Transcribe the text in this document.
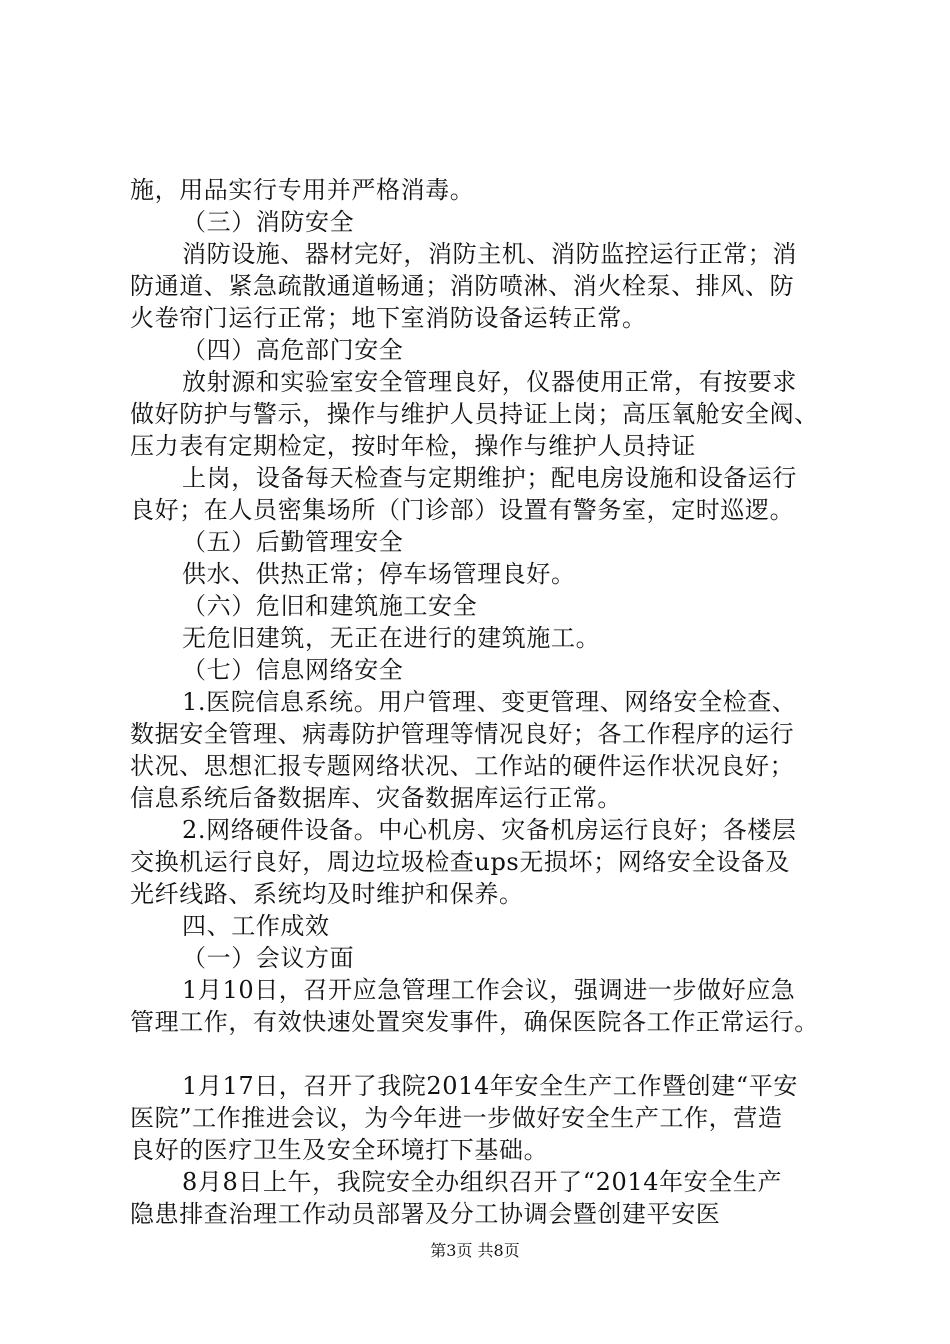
施，用品实行专用并严格消毒。
（三）消防安全
消防设施、器材完好，消防主机、消防监控运行正常；消
防通道、紧急疏散通道畅通；消防喷淋、消火栓泵、排风、防
火卷帘门运行正常；地下室消防设备运转正常。
（四）高危部门安全
放射源和实验室安全管理良好，仪器使用正常，有按要求
做好防护与警示，操作与维护人员持证上岗；高压氧舱安全阀、
压力表有定期检定，按时年检，操作与维护人员持证
上岗，设备每天检查与定期维护；配电房设施和设备运行
良好；在人员密集场所（门诊部）设置有警务室，定时巡逻。
（五）后勤管理安全
供水、供热正常；停车场管理良好。
（六）危旧和建筑施工安全
无危旧建筑，无正在进行的建筑施工。
（七）信息网络安全
1.医院信息系统。用户管理、变更管理、网络安全检查、
数据安全管理、病毒防护管理等情况良好；各工作程序的运行
状况、思想汇报专题网络状况、工作站的硬件运作状况良好；
信息系统后备数据库、灾备数据库运行正常。
2.网络硬件设备。中心机房、灾备机房运行良好；各楼层
交换机运行良好，周边垃圾检查ups无损坏；网络安全设备及
光纤线路、系统均及时维护和保养。
四、工作成效
（一）会议方面
1月10日，召开应急管理工作会议，强调进一步做好应急
管理工作，有效快速处置突发事件，确保医院各工作正常运行。
1月17日，召开了我院2014年安全生产工作暨创建“平安
医院”工作推进会议，为今年进一步做好安全生产工作，营造
良好的医疗卫生及安全环境打下基础。
8月8日上午，我院安全办组织召开了“2014年安全生产
隐患排查治理工作动员部署及分工协调会暨创建平安医
第3页 共8页
